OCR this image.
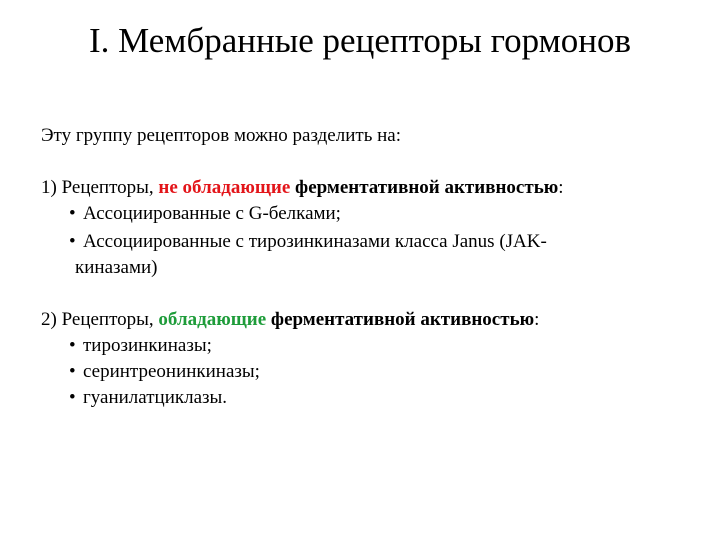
I. Мембранные рецепторы гормонов
Эту группу рецепторов можно разделить на:
1) Рецепторы, не обладающие ферментативной активностью:
• Ассоциированные с G-белками;
• Ассоциированные с тирозинкиназами класса Janus (JAK-
киназами)
2) Рецепторы, обладающие ферментативной активностью:
• тирозинкиназы;
• серинтреонинкиназы;
• гуанилатциклазы.
